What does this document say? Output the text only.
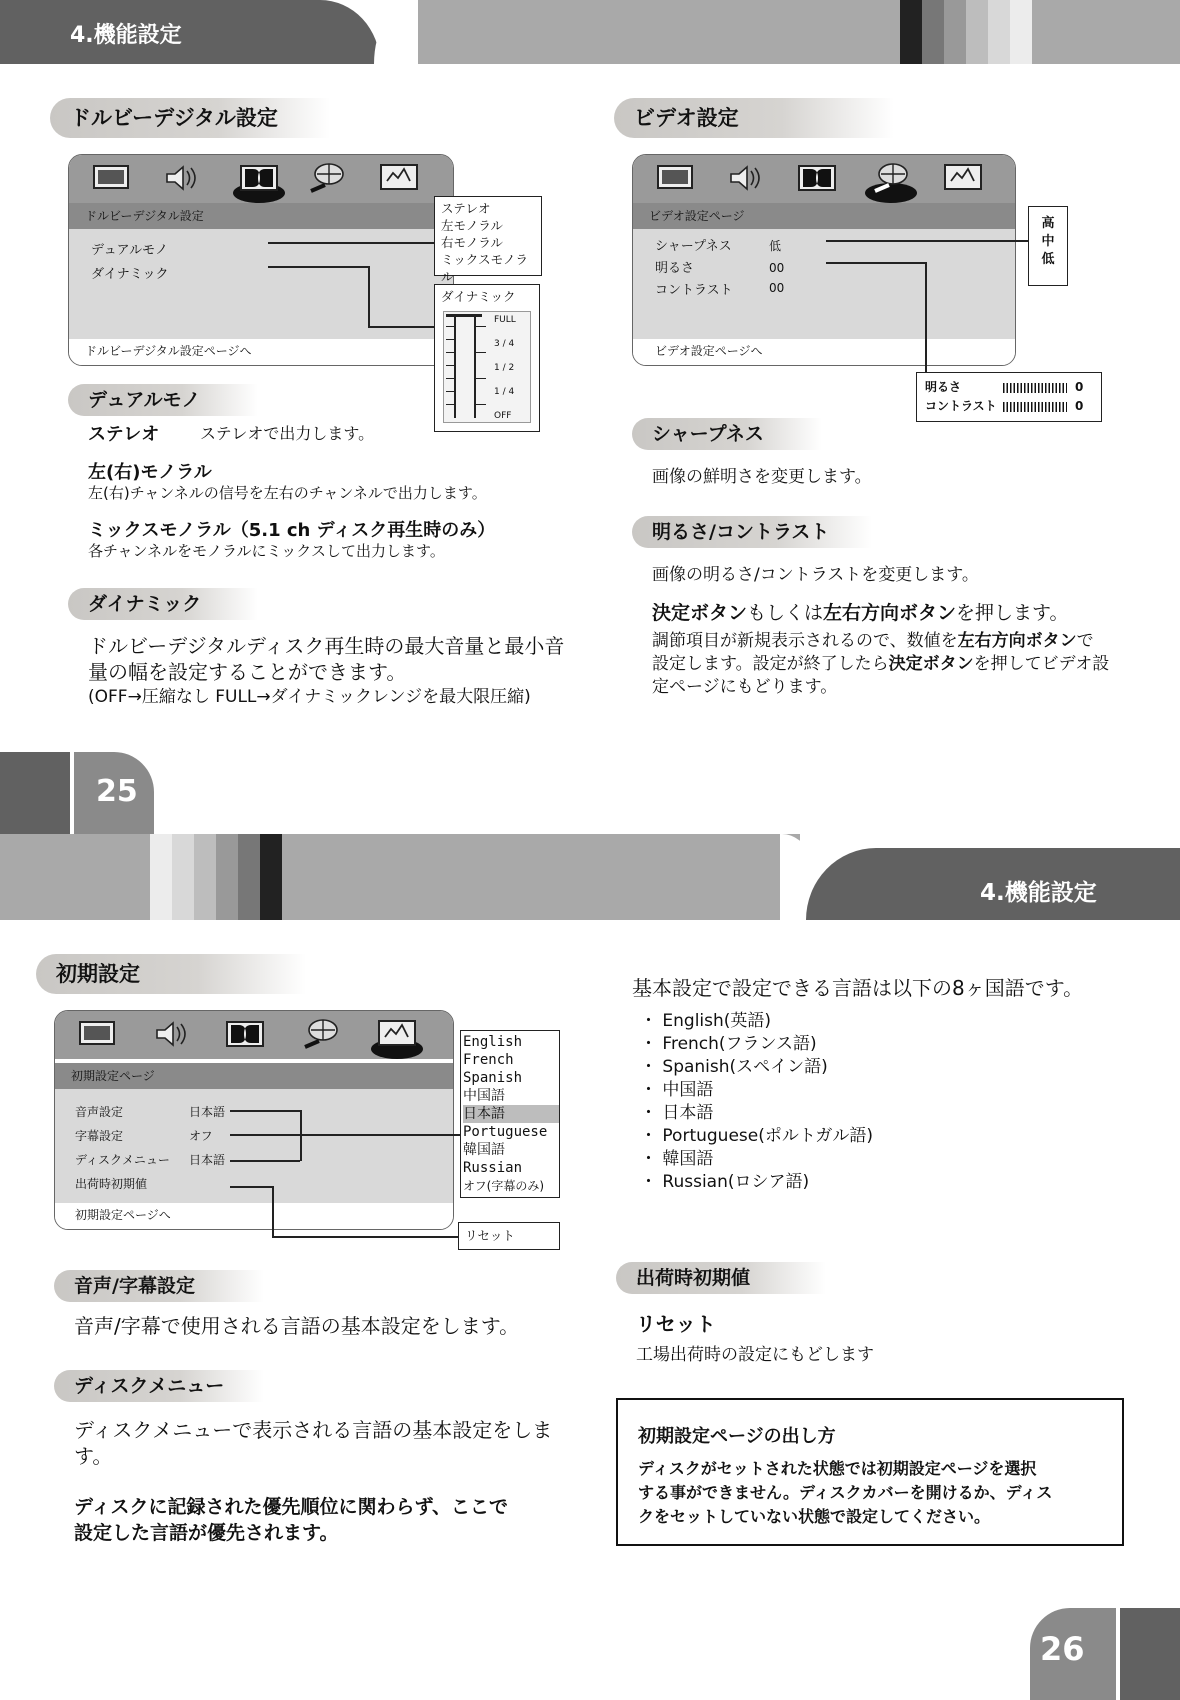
4.機能設定
ドルビーデジタル設定
ドルビーデジタル設定
デュアルモノ
ダイナミック
ドルビーデジタル設定ページへ
ステレオ
左モノラル
右モノラル
ミックスモノラル
ダイナミック
FULL
3 / 4
1 / 2
1 / 4
OFF
デュアルモノ
ステレオ	ステレオで出力します。
左(右)モノラル
左(右)チャンネルの信号を左右のチャンネルで出力します。
ミックスモノラル（5.1 ch ディスク再生時のみ）
各チャンネルをモノラルにミックスして出力します。
ダイナミック
ドルビーデジタルディスク再生時の最大音量と最小音
量の幅を設定することができます。
(OFF→圧縮なし FULL→ダイナミックレンジを最大限圧縮)
ビデオ設定
ビデオ設定ページ
シャープネス	低
明るさ	00
コントラスト	00
ビデオ設定ページへ
高
中
低
明るさ	0
コントラスト	0
シャープネス
画像の鮮明さを変更します。
明るさ/コントラスト
画像の明るさ/コントラストを変更します。
決定ボタンもしくは左右方向ボタンを押します。
調節項目が新規表示されるので、数値を左右方向ボタンで
設定します。設定が終了したら決定ボタンを押してビデオ設
定ページにもどります。
25
4.機能設定
初期設定
初期設定ページ
音声設定	日本語
字幕設定	オフ
ディスクメニュー 日本語
出荷時初期値
初期設定ページへ
English
French
Spanish
中国語
日本語
Portuguese
韓国語
Russian
オフ(字幕のみ)
リセット
音声/字幕設定
音声/字幕で使用される言語の基本設定をします。
ディスクメニュー
ディスクメニューで表示される言語の基本設定をしま
す。
ディスクに記録された優先順位に関わらず、ここで
設定した言語が優先されます。
基本設定で設定できる言語は以下の8ヶ国語です。
・ English(英語)
・ French(フランス語)
・ Spanish(スペイン語)
・ 中国語
・ 日本語
・ Portuguese(ポルトガル語)
・ 韓国語
・ Russian(ロシア語)
出荷時初期値
リセット
工場出荷時の設定にもどします
初期設定ページの出し方
ディスクがセットされた状態では初期設定ページを選択
する事ができません。ディスクカバーを開けるか、ディス
クをセットしていない状態で設定してください。
26
